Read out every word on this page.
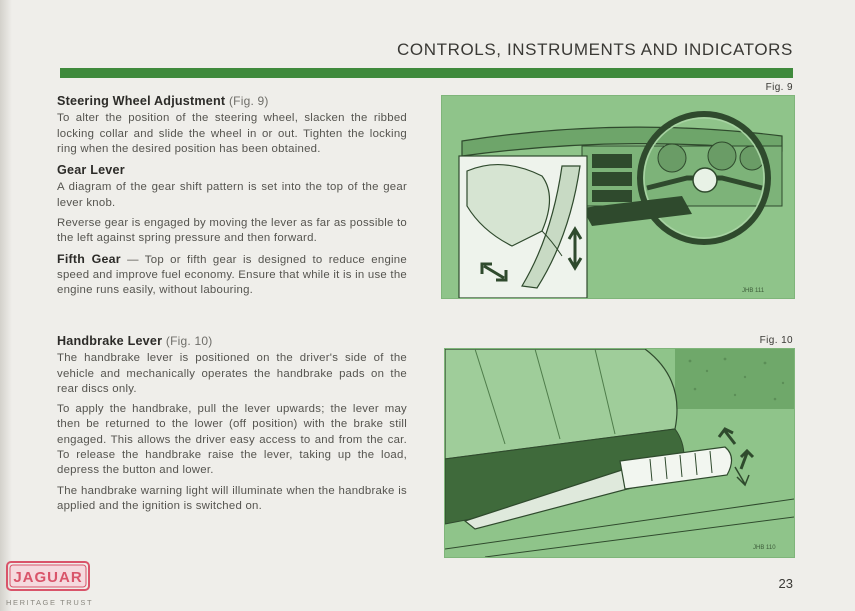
CONTROLS, INSTRUMENTS AND INDICATORS
Steering Wheel Adjustment (Fig. 9)

To alter the position of the steering wheel, slacken the ribbed locking collar and slide the wheel in or out. Tighten the locking ring when the desired position has been obtained.

Gear Lever

A diagram of the gear shift pattern is set into the top of the gear lever knob.

Reverse gear is engaged by moving the lever as far as possible to the left against spring pressure and then forward.

Fifth Gear — Top or fifth gear is designed to reduce engine speed and improve fuel economy. Ensure that while it is in use the engine runs easily, without labouring.

Handbrake Lever (Fig. 10)

The handbrake lever is positioned on the driver's side of the vehicle and mechanically operates the handbrake pads on the rear discs only.

To apply the handbrake, pull the lever upwards; the lever may then be returned to the lower (off position) with the brake still engaged. This allows the driver easy access to and from the car. To release the handbrake raise the lever, taking up the load, depress the button and lower.

The handbrake warning light will illuminate when the handbrake is applied and the ignition is switched on.

Fig. 9
JHB 111
Fig. 10
JHB 110
23
JAGUAR
HERITAGE TRUST
